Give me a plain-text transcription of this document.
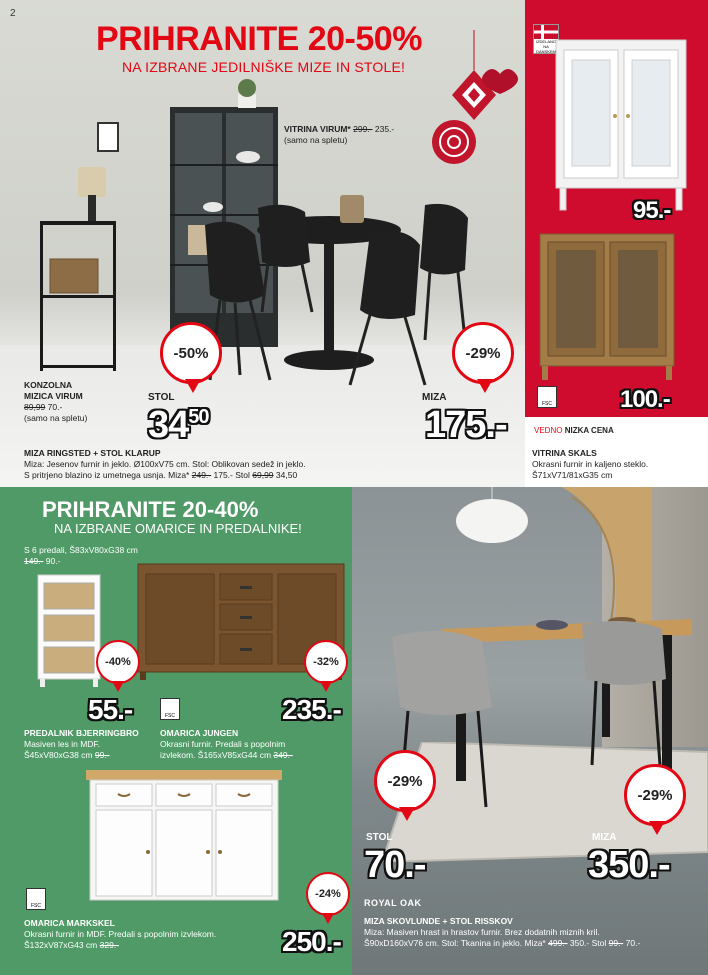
2
PRIHRANITE 20-50%
NA IZBRANE JEDILNIŠKE MIZE IN STOLE!
VITRINA VIRUM* 299.- 235.-
(samo na spletu)
KONZOLNA
MIZICA VIRUM
89,99 70.-
(samo na spletu)
-50%	-29%
STOL
$34^{50}$
MIZA
175.-
MIZA RINGSTED + STOL KLARUP
Miza: Jesenov furnir in jeklo. Ø100xV75 cm. Stol: Oblikovan sedež in jeklo.
S pritrjeno blazino iz umetnega usnja. Miza* 249.- 175.- Stol 69,99 34,50
IZDELANO
NA DANSKEM
95.-
100.-
FSC
VEDNO NIZKA CENA
VITRINA SKALS
Okrasni furnir in kaljeno steklo.
Š71xV71/81xG35 cm
PRIHRANITE 20-40%
NA IZBRANE OMARICE IN PREDALNIKE!
S 6 predali, Š83xV80xG38 cm
149.- 90.-
-40%	-32%
55.-	235.-
FSC
PREDALNIK BJERRINGBRO
Masiven les in MDF.
Š45xV80xG38 cm 99.-
OMARICA JUNGEN
Okrasni furnir. Predali s popolnim
izvlekom. Š165xV85xG44 cm 349.-
FSC
-24%
OMARICA MARKSKEL
Okrasni furnir in MDF. Predali s popolnim izvlekom.
Š132xV87xG43 cm 329.-	250.-
-29%
-29%
STOL
70.-
MIZA
350.-
ROYAL OAK
MIZA SKOVLUNDE + STOL RISSKOV
Miza: Masiven hrast in hrastov furnir. Brez dodatnih miznih kril.
Š90xD160xV76 cm. Stol: Tkanina in jeklo. Miza* 499.- 350.- Stol 99.- 70.-
